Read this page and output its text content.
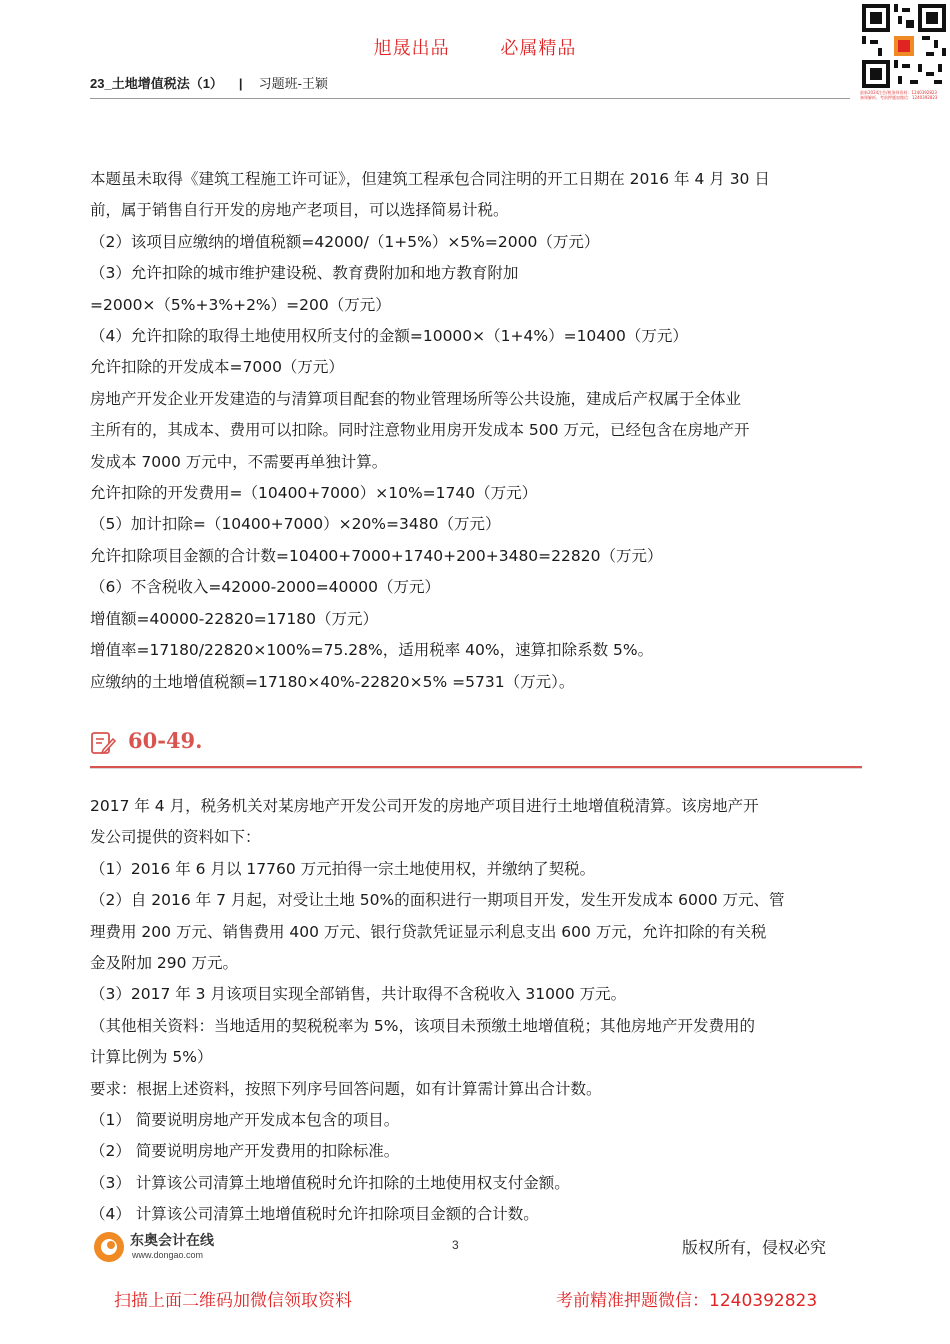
旭晟出品	必属精品
23_土地增值税法（1） | 习题班-王颖
最新2024注会/税务师资料：1240392823
备课解析、考前押题加微信：1240392823

本题虽未取得《建筑工程施工许可证》，但建筑工程承包合同注明的开工日期在 2016 年 4 月 30 日

前，属于销售自行开发的房地产老项目，可以选择简易计税。

（2）该项目应缴纳的增值税额=42000/（1+5%）×5%=2000（万元）

（3）允许扣除的城市维护建设税、教育费附加和地方教育附加

=2000×（5%+3%+2%）=200（万元）

（4）允许扣除的取得土地使用权所支付的金额=10000×（1+4%）=10400（万元）

允许扣除的开发成本=7000（万元）

房地产开发企业开发建造的与清算项目配套的物业管理场所等公共设施，建成后产权属于全体业

主所有的，其成本、费用可以扣除。同时注意物业用房开发成本 500 万元，已经包含在房地产开

发成本 7000 万元中，不需要再单独计算。

允许扣除的开发费用=（10400+7000）×10%=1740（万元）

（5）加计扣除=（10400+7000）×20%=3480（万元）

允许扣除项目金额的合计数=10400+7000+1740+200+3480=22820（万元）

（6）不含税收入=42000-2000=40000（万元）

增值额=40000-22820=17180（万元）

增值率=17180/22820×100%=75.28%，适用税率 40%，速算扣除系数 5%。

应缴纳的土地增值税额=17180×40%-22820×5% =5731（万元）。

60-49.

2017 年 4 月，税务机关对某房地产开发公司开发的房地产项目进行土地增值税清算。该房地产开

发公司提供的资料如下：

（1）2016 年 6 月以 17760 万元拍得一宗土地使用权，并缴纳了契税。

（2）自 2016 年 7 月起，对受让土地 50%的面积进行一期项目开发，发生开发成本 6000 万元、管

理费用 200 万元、销售费用 400 万元、银行贷款凭证显示利息支出 600 万元，允许扣除的有关税

金及附加 290 万元。

（3）2017 年 3 月该项目实现全部销售，共计取得不含税收入 31000 万元。

（其他相关资料：当地适用的契税税率为 5%，该项目未预缴土地增值税；其他房地产开发费用的

计算比例为 5%）

要求：根据上述资料，按照下列序号回答问题，如有计算需计算出合计数。

（1） 简要说明房地产开发成本包含的项目。

（2） 简要说明房地产开发费用的扣除标准。

（3） 计算该公司清算土地增值税时允许扣除的土地使用权支付金额。

（4） 计算该公司清算土地增值税时允许扣除项目金额的合计数。

东奥会计在线
www.dongao.com
3	版权所有，侵权必究
扫描上面二维码加微信领取资料	考前精准押题微信：1240392823
